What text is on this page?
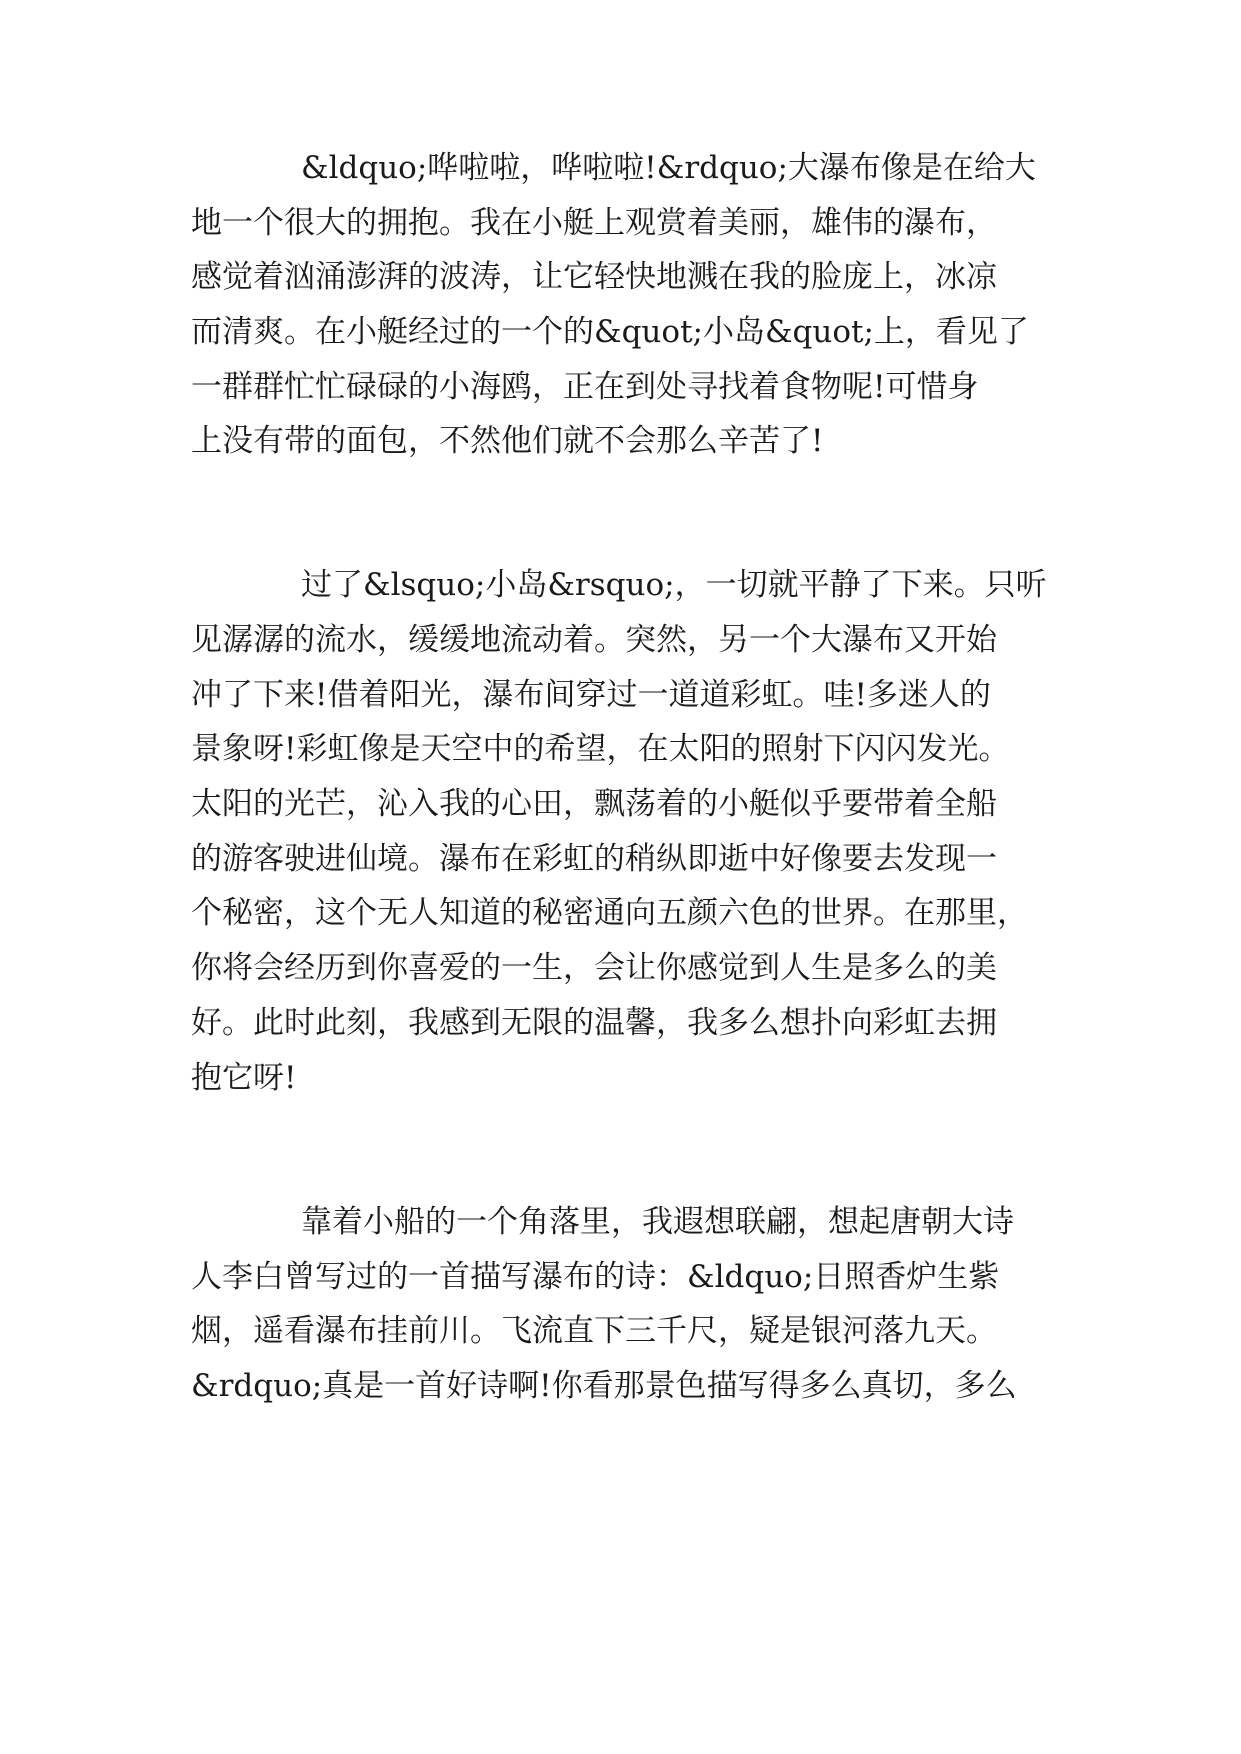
&ldquo;哗啦啦，哗啦啦!&rdquo;大瀑布像是在给大

地一个很大的拥抱。我在小艇上观赏着美丽，雄伟的瀑布，

感觉着汹涌澎湃的波涛，让它轻快地溅在我的脸庞上，冰凉

而清爽。在小艇经过的一个的&quot;小岛&quot;上，看见了

一群群忙忙碌碌的小海鸥，正在到处寻找着食物呢!可惜身

上没有带的面包，不然他们就不会那么辛苦了!

过了&lsquo;小岛&rsquo;，一切就平静了下来。只听

见潺潺的流水，缓缓地流动着。突然，另一个大瀑布又开始

冲了下来!借着阳光，瀑布间穿过一道道彩虹。哇!多迷人的

景象呀!彩虹像是天空中的希望，在太阳的照射下闪闪发光。

太阳的光芒，沁入我的心田，飘荡着的小艇似乎要带着全船

的游客驶进仙境。瀑布在彩虹的稍纵即逝中好像要去发现一

个秘密，这个无人知道的秘密通向五颜六色的世界。在那里，

你将会经历到你喜爱的一生，会让你感觉到人生是多么的美

好。此时此刻，我感到无限的温馨，我多么想扑向彩虹去拥

抱它呀!

靠着小船的一个角落里，我遐想联翩，想起唐朝大诗

人李白曾写过的一首描写瀑布的诗：&ldquo;日照香炉生紫

烟，遥看瀑布挂前川。飞流直下三千尺，疑是银河落九天。

&rdquo;真是一首好诗啊!你看那景色描写得多么真切，多么
